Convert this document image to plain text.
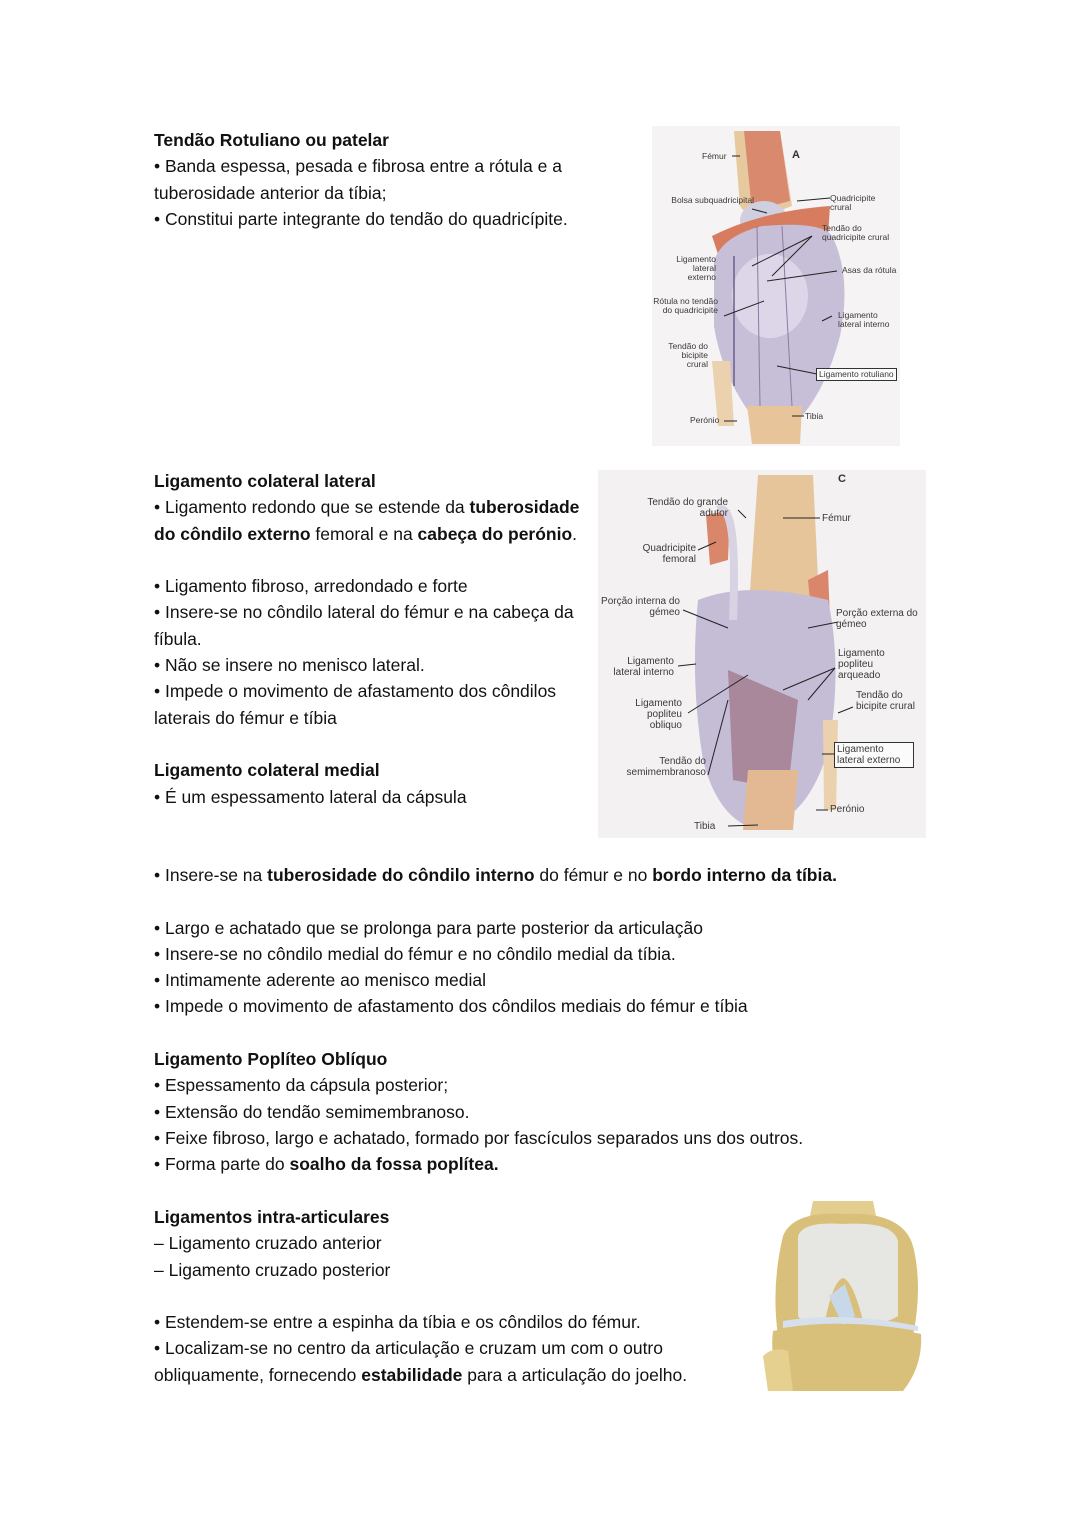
Tendão Rotuliano ou patelar

• Banda espessa, pesada e fibrosa entre a rótula e a tuberosidade anterior da tíbia;

• Constitui parte integrante do tendão do quadricípite.

A
Fémur
Bolsa subquadricipital	Quadricipite crural
Tendão do quadricipite crural
Ligamento lateral externo
Asas da rótula
Rótula no tendão do quadricipite	Ligamento lateral interno
Tendão do bicipite crural
Ligamento rotuliano
Perónio	Tibia

Ligamento colateral lateral

• Ligamento redondo que se estende da tuberosidade do côndilo externo femoral e na cabeça do perónio.

• Ligamento fibroso, arredondado e forte

• Insere-se no côndilo lateral do fémur e na cabeça da fíbula.

• Não se insere no menisco lateral.

• Impede o movimento de afastamento dos côndilos laterais do fémur e tíbia

Ligamento colateral medial

• É um espessamento lateral da cápsula

C
Tendão do grande adutor	Fémur
Quadricipite femoral
Porção interna do gémeo	Porção externa do gémeo
Ligamento lateral interno
Ligamento popliteu arqueado
Ligamento popliteu obliquo
Tendão do bicipite crural
Tendão do semimembranoso
Ligamento lateral externo
Perónio
Tibia

• Insere-se na tuberosidade do côndilo interno do fémur e no bordo interno da tíbia.

• Largo e achatado que se prolonga para parte posterior da articulação

• Insere-se no côndilo medial do fémur e no côndilo medial da tíbia.

• Intimamente aderente ao menisco medial

• Impede o movimento de afastamento dos côndilos mediais do fémur e tíbia

Ligamento Poplíteo Oblíquo

• Espessamento da cápsula posterior;

• Extensão do tendão semimembranoso.

• Feixe fibroso, largo e achatado, formado por fascículos separados uns dos outros.

• Forma parte do soalho da fossa poplítea.

Ligamentos intra-articulares

– Ligamento cruzado anterior

– Ligamento cruzado posterior

• Estendem-se entre a espinha da tíbia e os côndilos do fémur.

• Localizam-se no centro da articulação e cruzam um com o outro obliquamente, fornecendo estabilidade para a articulação do joelho.
